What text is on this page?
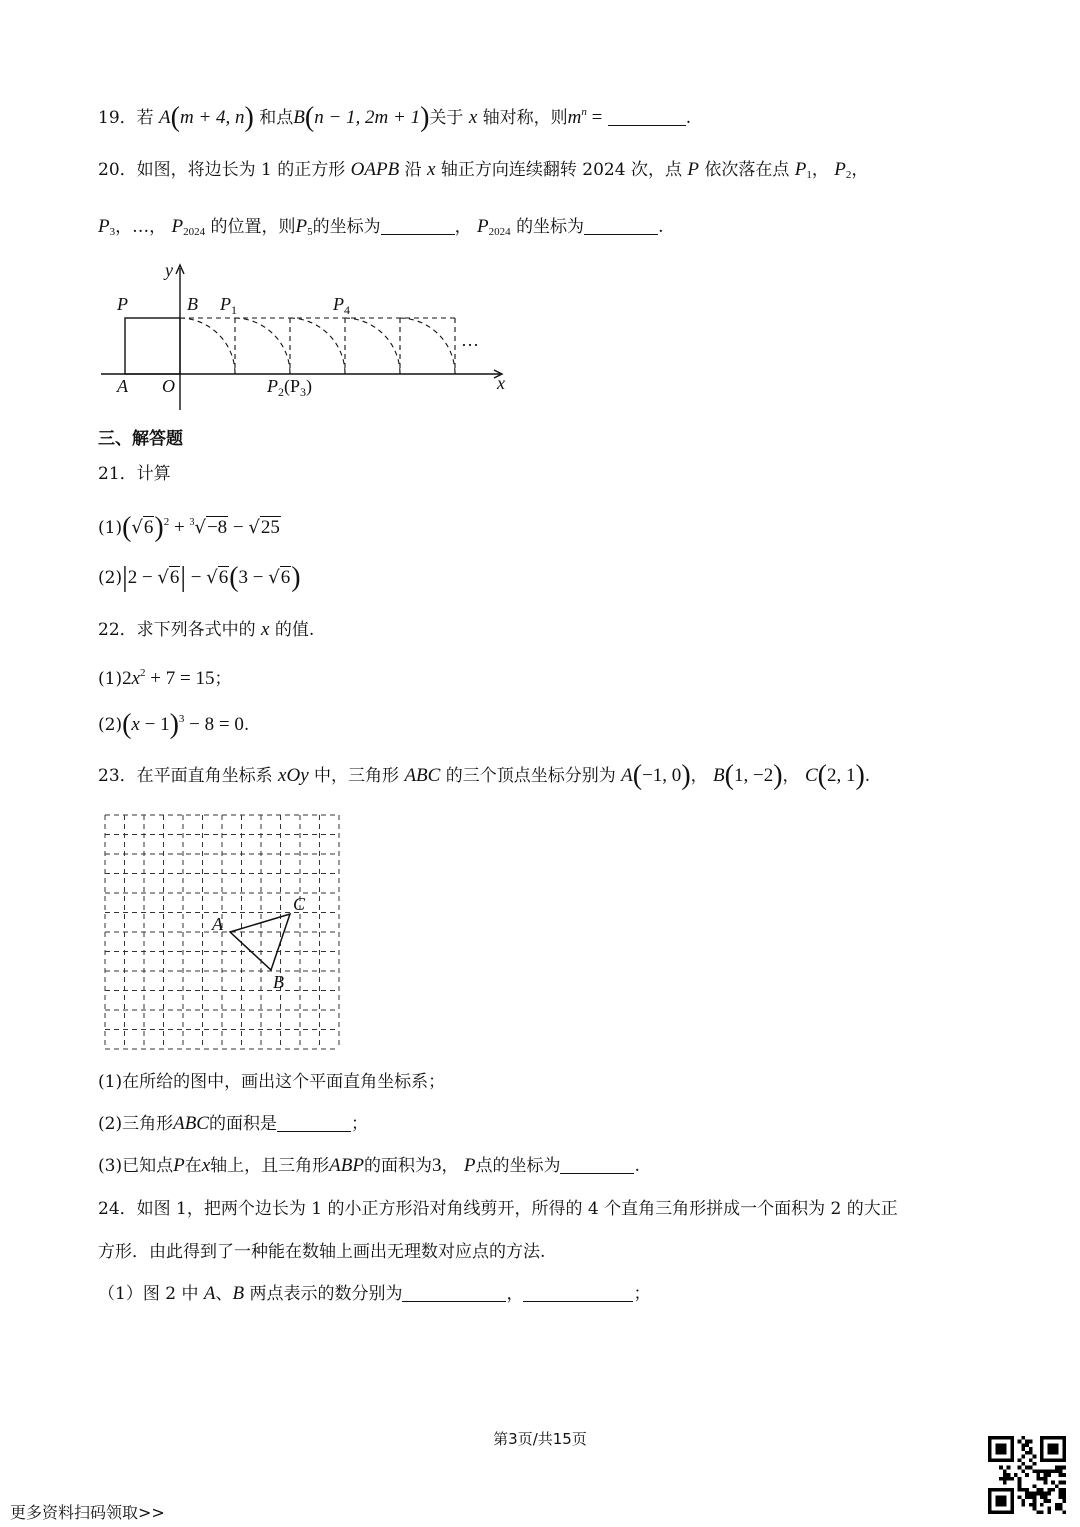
19．若 A(m + 4, n) 和点B(n − 1, 2m + 1)关于 x 轴对称，则$m^n$ =	.
20．如图，将边长为 1 的正方形 OAPB 沿 x 轴正方向连续翻转 2024 次，点 P 依次落在点 $P_1$， $P_2$，
$P_3$，…， $P_{2024}$ 的位置，则$P_5$的坐标为	， $P_{2024}$ 的坐标为	.
y
x
P	B $P_1$	$P_4$
A O	$P_2(P_3)$
…
三、解答题
21．计算
$(1)(√6)^2 + ^3√-8 - √25$
(2)|2 − √6| − √6(3 − √6)
22．求下列各式中的 x 的值.
$(1)2x^2 + 7 = 15$；
$(2)(x - 1)^3 - 8 = 0$.
23．在平面直角坐标系 xOy 中，三角形 ABC 的三个顶点坐标分别为 A(−1, 0)， B(1, −2)， C(2, 1).
A
B
C
(1)在所给的图中，画出这个平面直角坐标系；
(2)三角形ABC的面积是	；
(3)已知点P在x轴上，且三角形ABP的面积为3， P点的坐标为	.
24．如图 1，把两个边长为 1 的小正方形沿对角线剪开，所得的 4 个直角三角形拼成一个面积为 2 的大正
方形．由此得到了一种能在数轴上画出无理数对应点的方法.
（1）图 2 中 A、B 两点表示的数分别为	，	；
第3页/共15页
更多资料扫码领取>>
